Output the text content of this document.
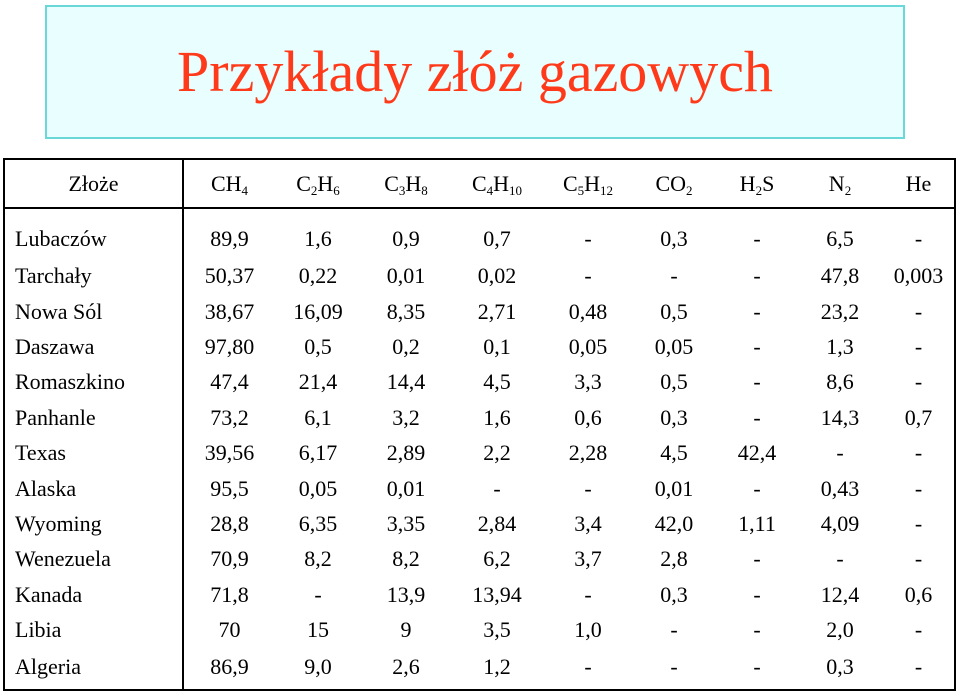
Przykłady złóż gazowych
Złoże	$CH_4$	$C_2H_6$	$C_3H_8$	$C_4H_{10}$	$C_5H_{12}$	$CO_2$	$H_2S$	$N_2$	He
Lubaczów	89,9	1,6	0,9	0,7	-	0,3	-	6,5	-
Tarchały	50,37	0,22	0,01	0,02	-	-	-	47,8	0,003
Nowa Sól	38,67	16,09	8,35	2,71	0,48	0,5	-	23,2	-
Daszawa	97,80	0,5	0,2	0,1	0,05	0,05	-	1,3	-
Romaszkino	47,4	21,4	14,4	4,5	3,3	0,5	-	8,6	-
Panhanle	73,2	6,1	3,2	1,6	0,6	0,3	-	14,3	0,7
Texas	39,56	6,17	2,89	2,2	2,28	4,5	42,4	-	-
Alaska	95,5	0,05	0,01	-	-	0,01	-	0,43	-
Wyoming	28,8	6,35	3,35	2,84	3,4	42,0	1,11	4,09	-
Wenezuela	70,9	8,2	8,2	6,2	3,7	2,8	-	-	-
Kanada	71,8	-	13,9	13,94	-	0,3	-	12,4	0,6
Libia	70	15	9	3,5	1,0	-	-	2,0	-
Algeria	86,9	9,0	2,6	1,2	-	-	-	0,3	-
